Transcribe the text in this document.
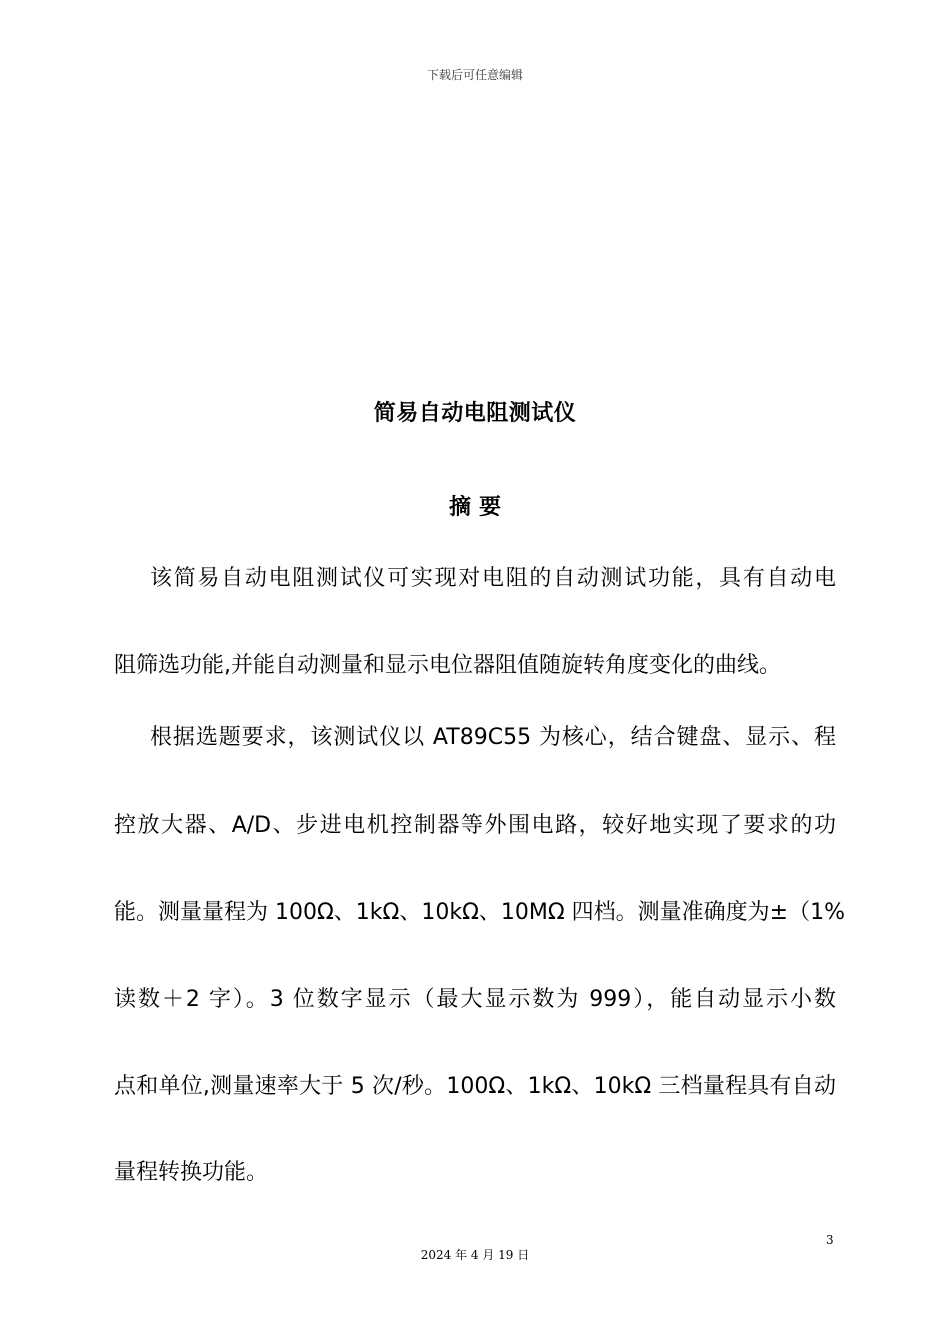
下载后可任意编辑
简易自动电阻测试仪
摘要
该简易自动电阻测试仪可实现对电阻的自动测试功能，具有自动电
阻筛选功能,并能自动测量和显示电位器阻值随旋转角度变化的曲线。
根据选题要求，该测试仪以 AT89C55 为核心，结合键盘、显示、程
控放大器、A/D、步进电机控制器等外围电路，较好地实现了要求的功
能。测量量程为 100Ω、1kΩ、10kΩ、10MΩ 四档。测量准确度为±（1%
读数＋2 字）。3 位数字显示（最大显示数为 999），能自动显示小数
点和单位,测量速率大于 5 次/秒。100Ω、1kΩ、10kΩ 三档量程具有自动
量程转换功能。
3
2024 年 4 月 19 日
